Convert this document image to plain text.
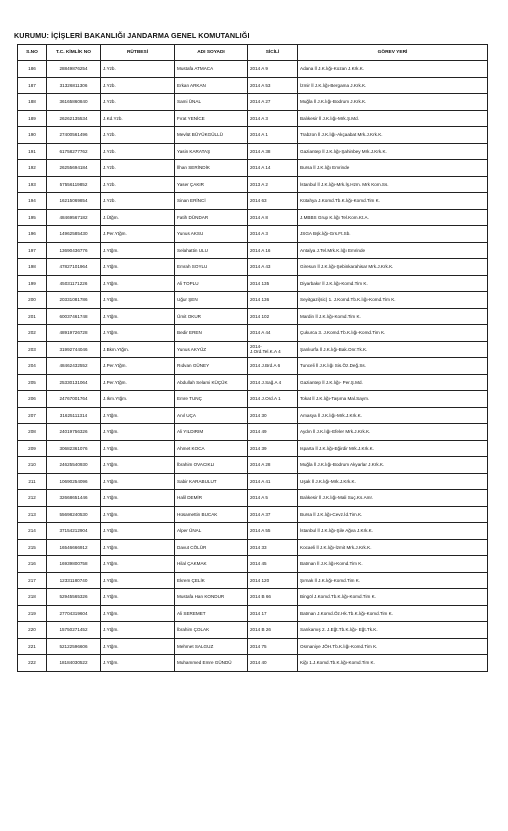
KURUMU: İÇİŞLERİ BAKANLIĞI JANDARMA GENEL KOMUTANLIĞI
S.NO	T.C. KİMLİK NO	RÜTBESİ	ADI SOYADI	SİCİLİ	GÖREV YERİ
186	28849876254	J.Yzb.	Mustafa ATMACA	2014 A 9	Adana İl J.K.lığı-Kozan J.Krk.K.
187	31326811306	J.Yzb.	Erkan ARKAN	2014 A 53	İzmir İl J.K.lığı-Bergama J.Krk.K.
188	36165860840	J.Yzb.	Sami ÜNAL	2014 A 27	Muğla İl J.K.lığı-Bodrum J.Krk.K.
189	26262135534	J.Kd.Yzb.	Fırat YENİCE	2014 A 3	Balıkesir İl J.K.lığı-Mrk.Ş.Md.
190	27400561496	J.Yzb.	Mevlüt BÜYÜKGÜLLÜ	2014 A 1	Trabzon İl J.K.lığı-Akçaabat Mrk.J.Krk.K.
191	61758277762	J.Yzb.	Yasin KARATAŞ	2014 A 38	Gaziantep İl J.K.lığı-Şahinbey Mrk.J.Krk.K.
192	26255694184	J.Yzb.	İlhan SERİNDİK	2014 A 14	Bursa İl J.K.lığı Emrinde
193	57556119852	J.Yzb.	Yaser ÇAKIR	2013 A 2	İstanbul İl J.K.lığı-Mrk.İş.Hzm. Mrk Kom.Ss.
194	16215069854	J.Yzb.	Sinan ERİNCİ	2014 63	Kütahya J.Komd.Tb.K.lığı-Komd.Tim K.
195	48469567182	J.Ütğm.	Fatih DÜNDAR	2014 A 8	J.MBBS Grup K.lığı Tel.Kom.Kt.A.
196	14962585430	J.Per.Ytğm.	Yunus AKSU	2014 A 3	JSGA Bşk.lığı-Grs.Ft.Sb.
197	13690436776	J.Ytğm.	Selahattin ULU	2014 A 16	Antalya J.Tel.Mrk.K.lığı Emrinde
198	47827101964	J.Ytğm.	Emrah SOYLU	2014 A 43	Giresun İl J.K.lığı-Şebinkarahisar Mrk.J.Krk.K.
199	45031171226	J.Ytğm.	Ali TOPLU	2014 135	Diyarbakır İl J.K.lığı-Komd.Tim K.
200	20331081786	J.Ytğm.	Uğur ŞEN	2014 136	Seyitgazi(sic) 1. J.Komd.Tb.K.lığı-Komd.Tim K.
201	60037461748	J.Ytğm.	Ümit OKUR	2014 102	Mardin İl J.K.lığı-Komd.Tim K.
202	48919726728	J.Ytğm.	Bedir EREN	2014 A 44	Çukurca 3. J.Komd.Tb.K.lığı-Komd.Tim K.
203	31992744046	J.Bkm.Ytğm.	Yunus AKYÜZ	2014-
J.Ord.Tel.K.A 4	Şanlıurfa İl J.K.lığı-Bak.Onr.Tk.K.
204	48462432552	J.Per.Ytğm.	Rıdvan GÜNEY	2014 J.Brd.A 6	Tunceli İl J.K.lığı Sis.Öz.Değ.Ss.
205	25330131064	J.Per.Ytğm.	Abdullah Selami KÜÇÜK	2014 J.Sağ.A 4	Gaziantep İl J.K.lığı- Per.Ş.Md.
206	24767001764	J.Ikm.Ytğm.	Emre TUNÇ	2014 J.Ord.A 1	Tokat İl J.K.lığı-Taşıma Mal.Saym.
207	31625111314	J.Ytğm.	Anıl UÇA	2014 30	Amasya İl J.K.lığı-Mrk.J.Krk.K.
208	24019756326	J.Ytğm.	Ali YILDIRIM	2014 49	Aydın İl J.K.lığı-Efeler Mrk.J.Krk.K.
209	30682361076	J.Ytğm.	Ahmet KOCA	2014 39	Isparta İl J.K.lığı-Eğirdir Mrk.J.Krk.K.
210	24625540930	J.Ytğm.	İbrahim OVACIKLI	2014 A 28	Muğla İl J.K.lığı-Bodrum Akyarlar J.Krk.K.
211	10690254096	J.Ytğm.	Sabir KARABULUT	2014 A 41	Uşak İl J.K.lığı-Mrk.J.Krk.K.
212	32668651446	J.Ytğm.	Halil DEMİR	2014 A 5	Balıkesir İl J.K.lığı-Mali Suç.Ks.Amr.
213	55698240530	J.Ytğm.	Hüsamettin BUCAK	2014 A 37	Bursa İl J.K.lığı-Cevz.İd.Tim.K.
214	37154212904	J.Ytğm.	Alper ÜNAL	2014 A 55	İstanbul İl J.K.lığı-Şile Ağva J.Krk.K.
215	16546666912	J.Ytğm.	Davut CÖLÜR	2014 33	Kocaeli İl J.K.lığı-İzmit Mrk.J.Krk.K.
216	16939800758	J.Ytğm.	Hilal ÇAKMAK	2014 45	Batman İl J.K.lığı-Komd.Tim K.
217	12331180740	J.Ytğm.	Ekrem ÇELİK	2014 120	Şırnak İl J.K.lığı-Komd.Tim K.
218	52945565326	J.Ytğm.	Mustafa Han KONDUR	2014 B 66	Bingöl J.Komd.Tb.K.lığı-Komd.Tim K.
219	27704319604	J.Ytğm.	Ali SEREMET	2014 17	Batman J.Komd.Öz.Hk.Tb.K.lığı-Komd.Tim K.
220	15750271452	J.Ytğm.	İbrahim ÇOLAK	2014 B 26	Sarıkamış 2. J.Eğt.Tb.K.lığı- Eğt.Tk.K.
221	52122596606	J.Ytğm.	Mehmet SALGUZ	2014 75	Osmaniye JÖH.Tb.K.lığı-Komd.Tim K.
222	18184030522	J.Ytğm.	Muhammed Emre GÜNDÜ	2014 40	Kiğı 1.J.Komd.Tb.K.lığı-Komd.Tim K.
